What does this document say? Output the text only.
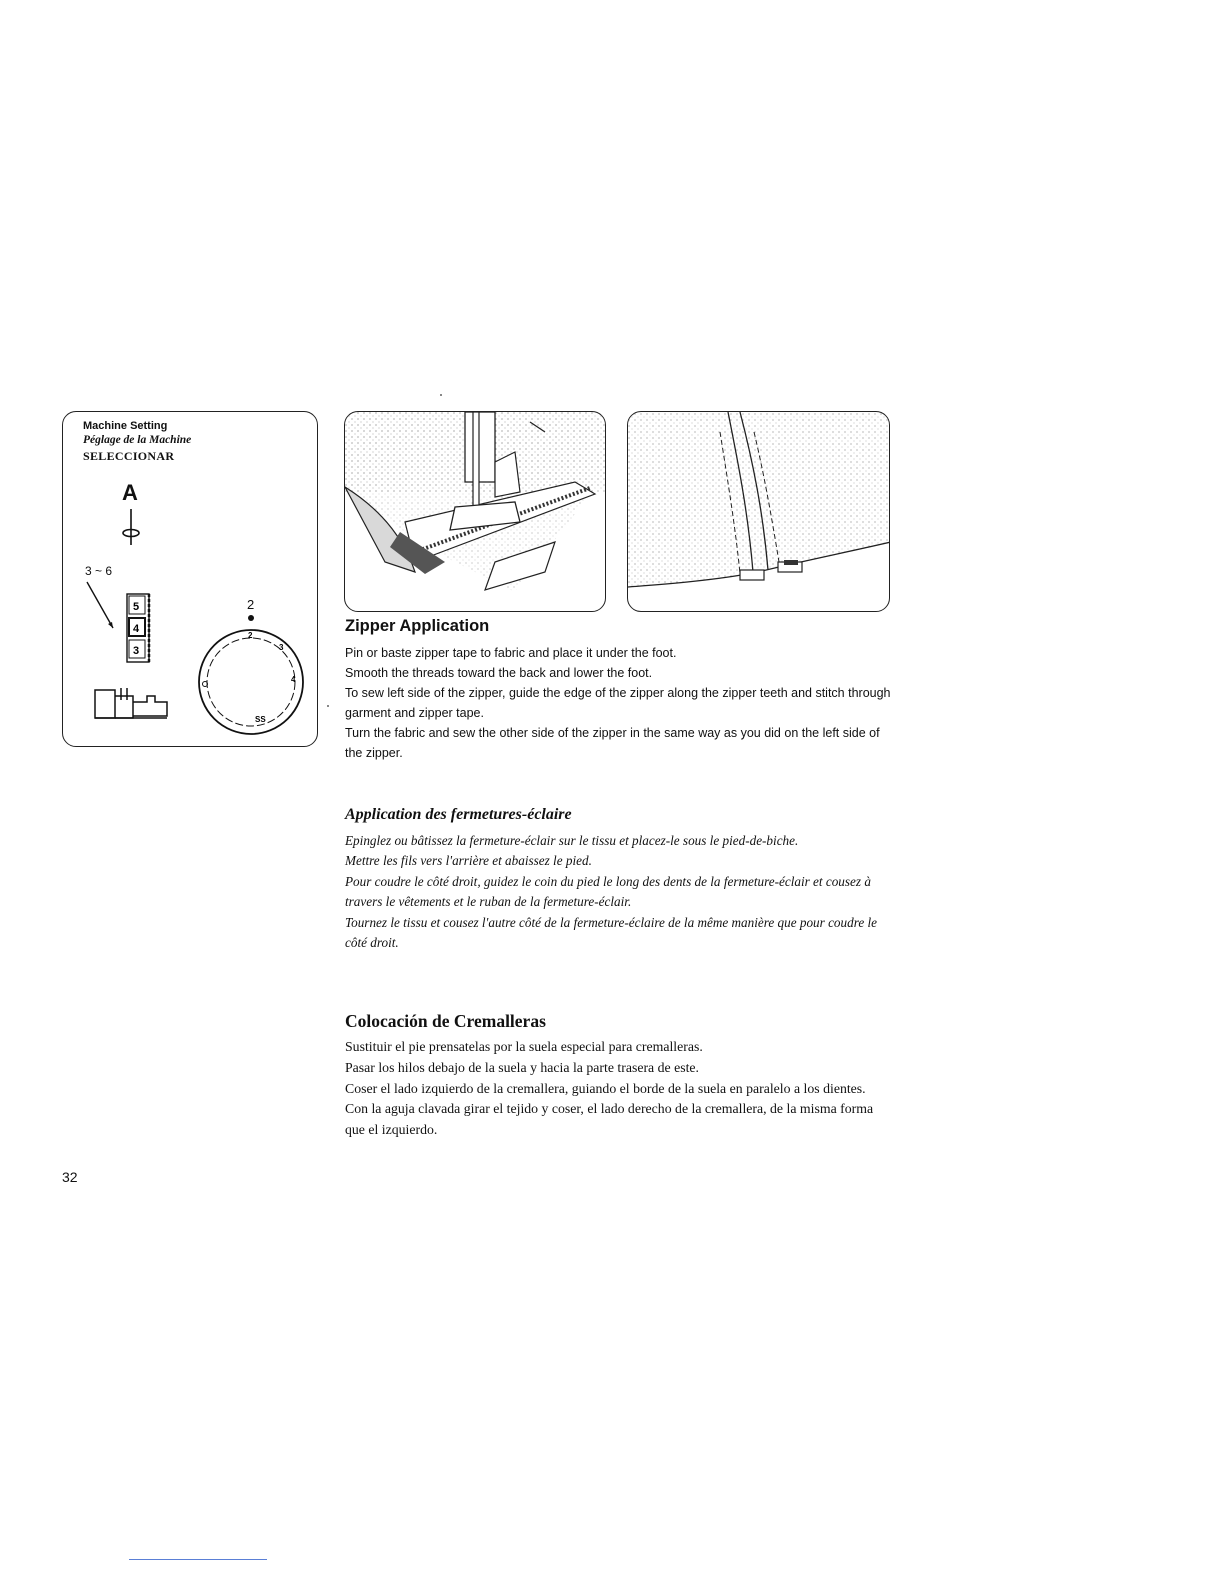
Machine Setting
Péglage de la Machine
SELECCIONAR
A
3 ~ 6
5
4
3
2
2
3
4
SS
Zipper Application
Pin or baste zipper tape to fabric and place it under the foot.
Smooth the threads toward the back and lower the foot.
To sew left side of the zipper, guide the edge of the zipper along the zipper teeth and stitch through garment and zipper tape.
Turn the fabric and sew the other side of the zipper in the same way as you did on the left side of the zipper.
Application des fermetures-éclaire
Epinglez ou bâtissez la fermeture-éclair sur le tissu et placez-le sous le pied-de-biche.
Mettre les fils vers l'arrière et abaissez le pied.
Pour coudre le côté droit, guidez le coin du pied le long des dents de la fermeture-éclair et cousez à travers le vêtements et le ruban de la fermeture-éclair.
Tournez le tissu et cousez l'autre côté de la fermeture-éclaire de la même manière que pour coudre le côté droit.
Colocación de Cremalleras
Sustituir el pie prensatelas por la suela especial para cremalleras.
Pasar los hilos debajo de la suela y hacia la parte trasera de este.
Coser el lado izquierdo de la cremallera, guiando el borde de la suela en paralelo a los dientes.
Con la aguja clavada girar el tejido y coser, el lado derecho de la cremallera, de la misma forma que el izquierdo.
32
